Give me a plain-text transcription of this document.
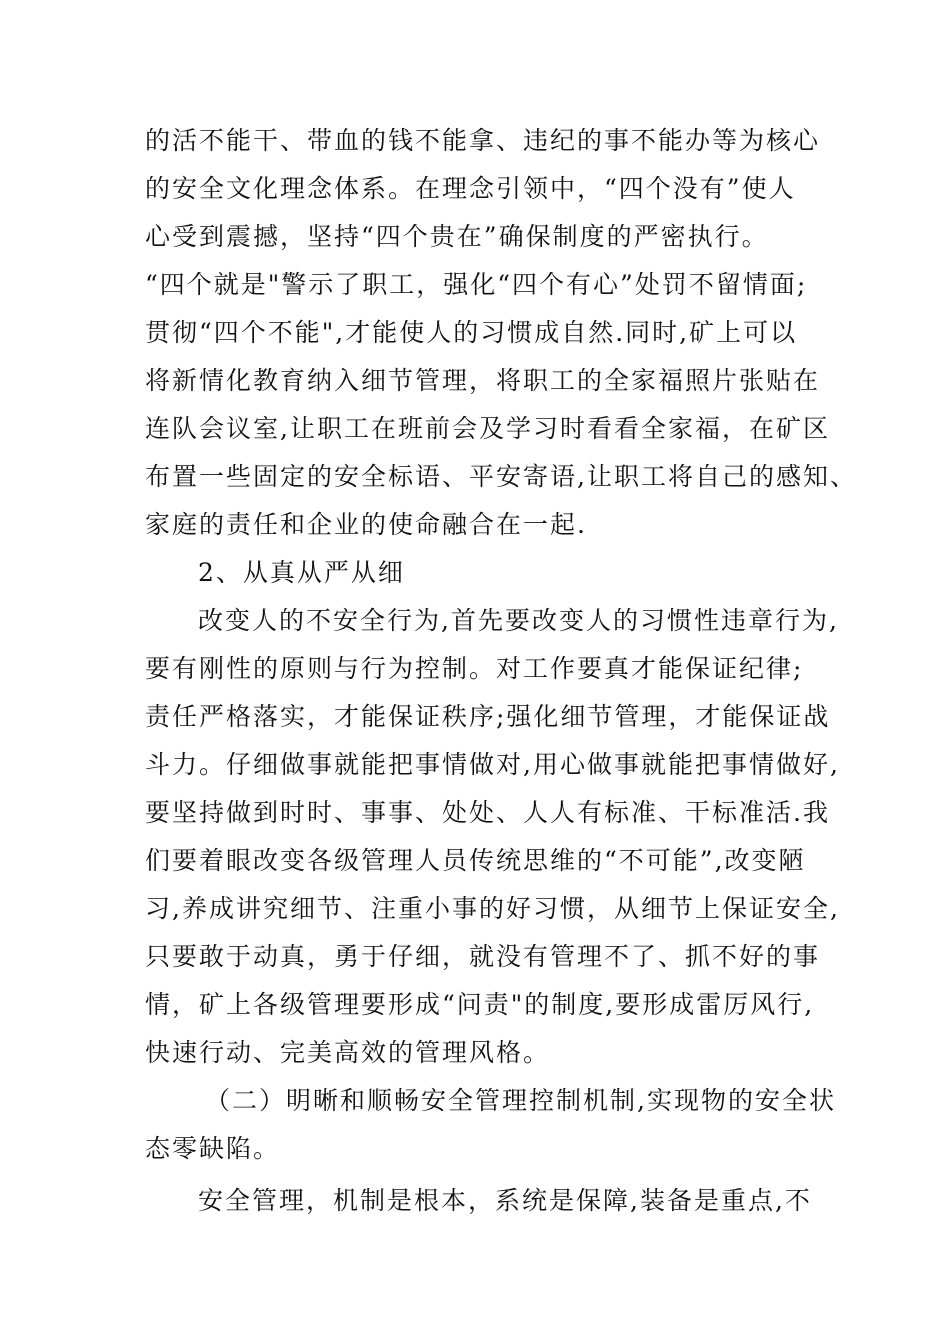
的活不能干、带血的钱不能拿、违纪的事不能办等为核心
的安全文化理念体系。在理念引领中，“四个没有”使人
心受到震撼，坚持“四个贵在”确保制度的严密执行。
“四个就是"警示了职工，强化“四个有心”处罚不留情面;
贯彻“四个不能",才能使人的习惯成自然.同时,矿上可以
将新情化教育纳入细节管理，将职工的全家福照片张贴在
连队会议室,让职工在班前会及学习时看看全家福，在矿区
布置一些固定的安全标语、平安寄语,让职工将自己的感知、
家庭的责任和企业的使命融合在一起.
2、从真从严从细
改变人的不安全行为,首先要改变人的习惯性违章行为,
要有刚性的原则与行为控制。对工作要真才能保证纪律;
责任严格落实，才能保证秩序;强化细节管理，才能保证战
斗力。仔细做事就能把事情做对,用心做事就能把事情做好,
要坚持做到时时、事事、处处、人人有标准、干标准活.我
们要着眼改变各级管理人员传统思维的“不可能”,改变陋
习,养成讲究细节、注重小事的好习惯，从细节上保证安全,
只要敢于动真，勇于仔细，就没有管理不了、抓不好的事
情，矿上各级管理要形成“问责"的制度,要形成雷厉风行,
快速行动、完美高效的管理风格。
（二）明晰和顺畅安全管理控制机制,实现物的安全状
态零缺陷。
安全管理，机制是根本，系统是保障,装备是重点,不
